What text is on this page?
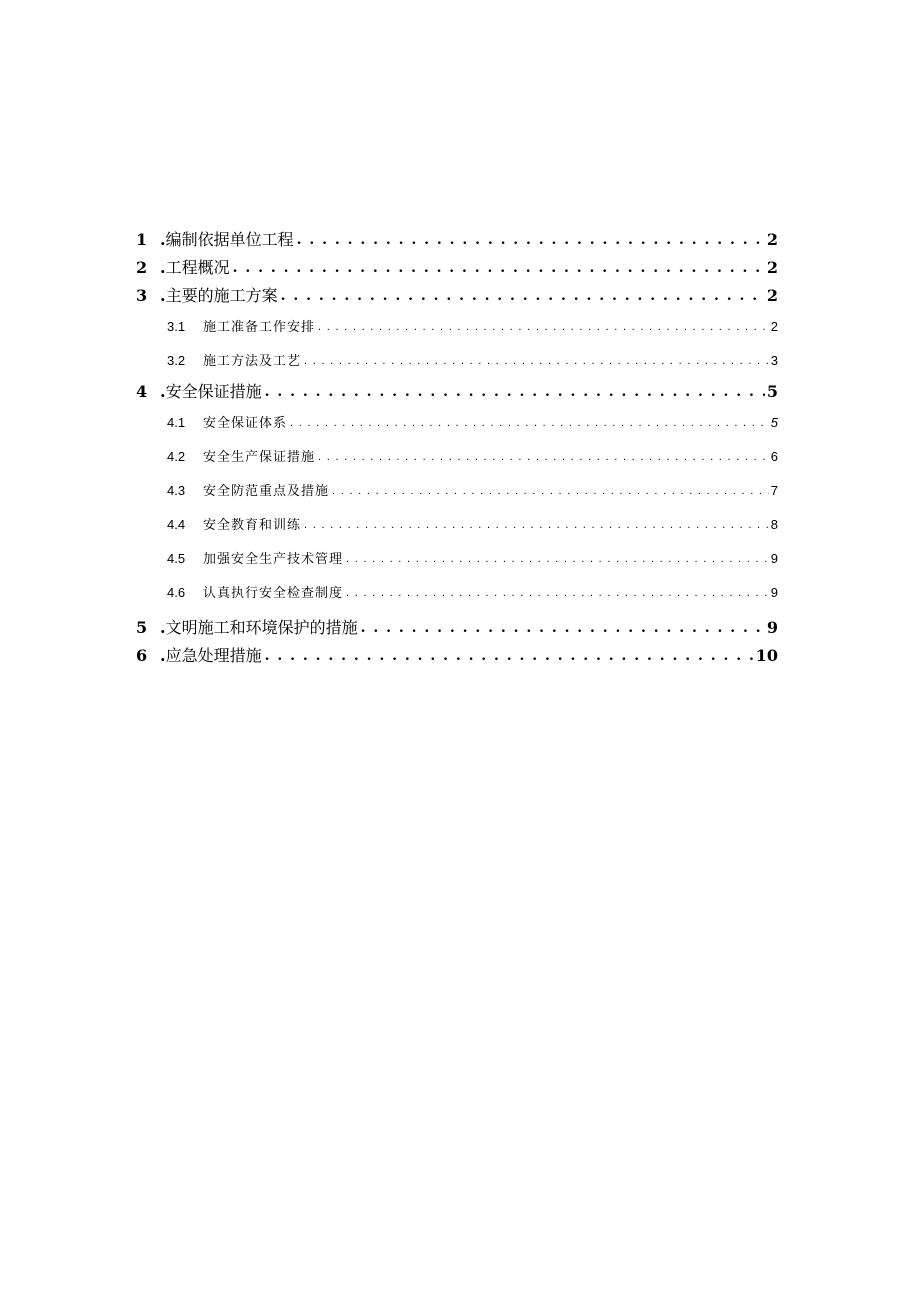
1 .编制依据单位工程 . . .	2
2 .工程概况 . . .	2
3 .主要的施工方案 . . .	2
3.1	施工准备工作安排 . . .	2
3.2	施工方法及工艺 . . .	3
4 .安全保证措施 . . .	5
4.1	安全保证体系 . . .	5
4.2	安全生产保证措施 . . .	6
4.3	安全防范重点及措施 . . .	7
4.4	安全教育和训练 . . .	8
4.5	加强安全生产技术管理 . . .	9
4.6	认真执行安全检查制度 . . .	9
5 .文明施工和环境保护的措施 . . .	9
6 .应急处理措施 . . .	10
